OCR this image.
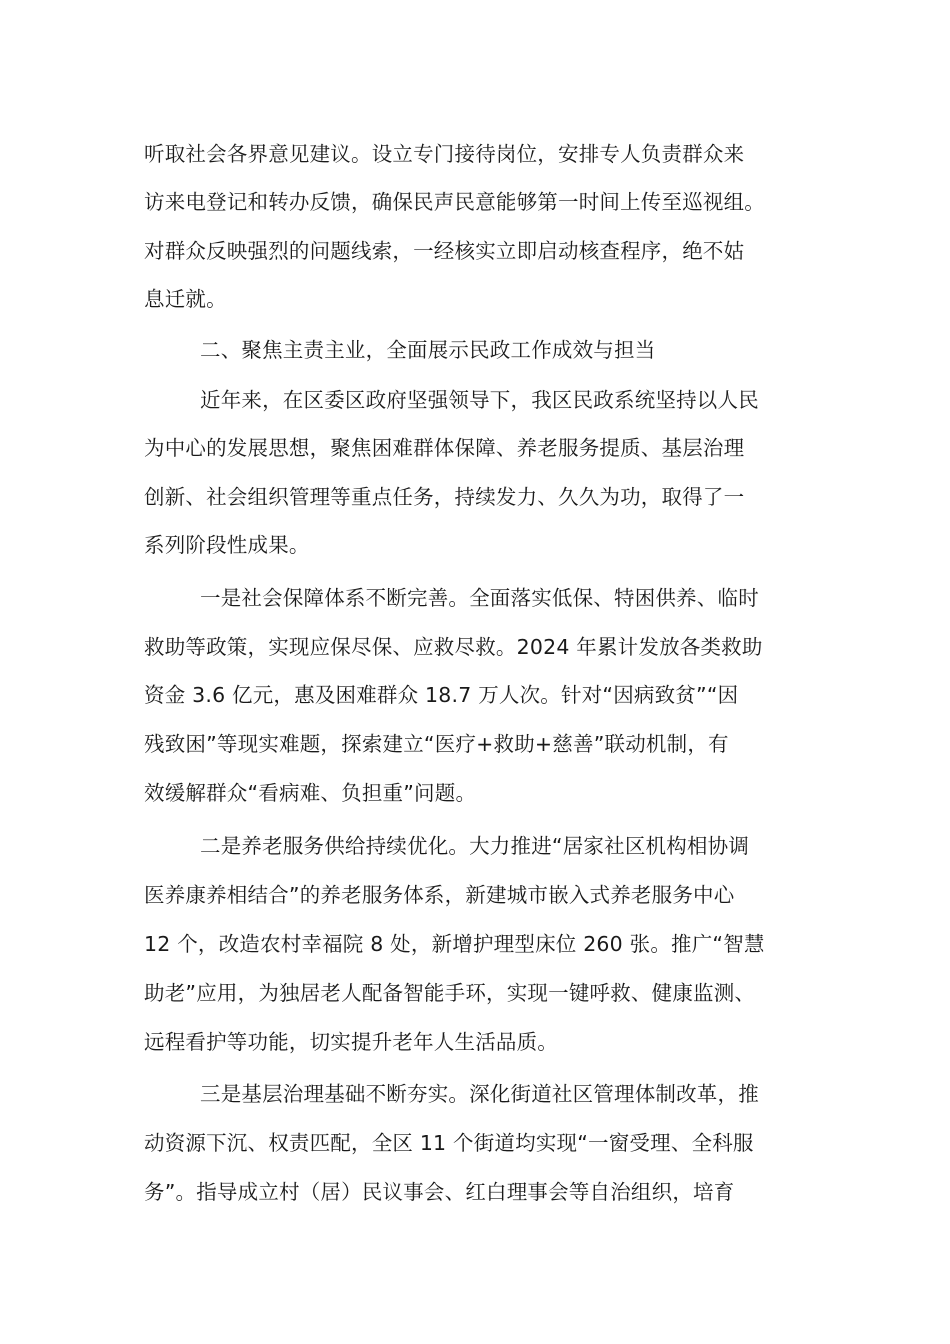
听取社会各界意见建议。设立专门接待岗位，安排专人负责群众来

访来电登记和转办反馈，确保民声民意能够第一时间上传至巡视组。

对群众反映强烈的问题线索，一经核实立即启动核查程序，绝不姑

息迁就。

二、聚焦主责主业，全面展示民政工作成效与担当

近年来，在区委区政府坚强领导下，我区民政系统坚持以人民

为中心的发展思想，聚焦困难群体保障、养老服务提质、基层治理

创新、社会组织管理等重点任务，持续发力、久久为功，取得了一

系列阶段性成果。

一是社会保障体系不断完善。全面落实低保、特困供养、临时

救助等政策，实现应保尽保、应救尽救。2024 年累计发放各类救助

资金 3.6 亿元，惠及困难群众 18.7 万人次。针对“因病致贫”“因

残致困”等现实难题，探索建立“医疗+救助+慈善”联动机制，有

效缓解群众“看病难、负担重”问题。

二是养老服务供给持续优化。大力推进“居家社区机构相协调

医养康养相结合”的养老服务体系，新建城市嵌入式养老服务中心

12 个，改造农村幸福院 8 处，新增护理型床位 260 张。推广“智慧

助老”应用，为独居老人配备智能手环，实现一键呼救、健康监测、

远程看护等功能，切实提升老年人生活品质。

三是基层治理基础不断夯实。深化街道社区管理体制改革，推

动资源下沉、权责匹配，全区 11 个街道均实现“一窗受理、全科服

务”。指导成立村（居）民议事会、红白理事会等自治组织，培育
